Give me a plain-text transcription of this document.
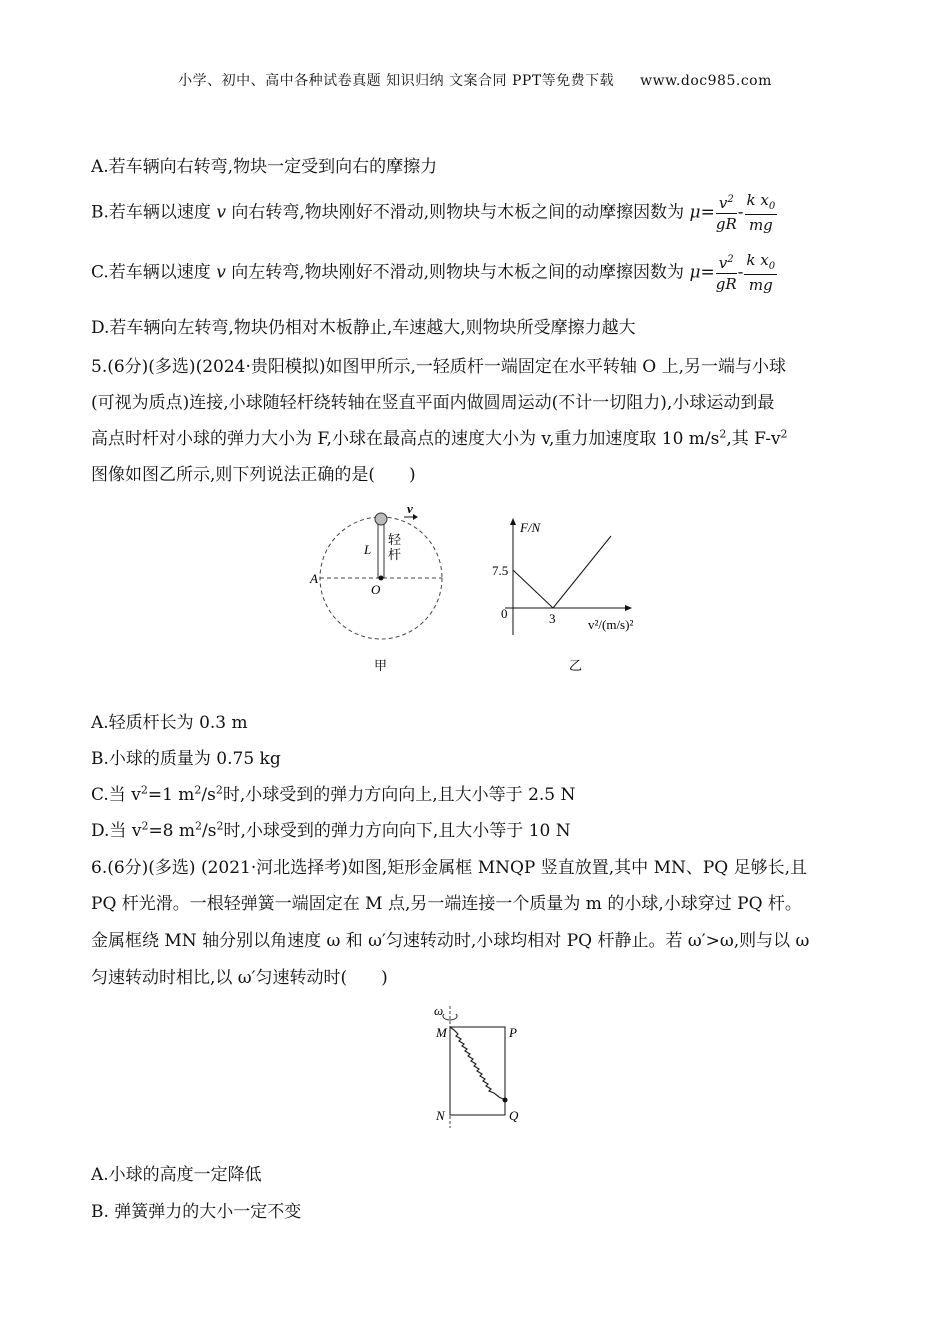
小学、初中、高中各种试卷真题 知识归纳 文案合同 PPT等免费下载 www.doc985.com
A.若车辆向右转弯,物块一定受到向右的摩擦力
B.若车辆以速度 v 向右转弯,物块刚好不滑动,则物块与木板之间的动摩擦因数为 $\mu= \frac{v^2}{gR} - \frac{k x_0}{mg}$
C.若车辆以速度 v 向左转弯,物块刚好不滑动,则物块与木板之间的动摩擦因数为 $\mu= \frac{v^2}{gR} - \frac{k x_0}{mg}$
D.若车辆向左转弯,物块仍相对木板静止,车速越大,则物块所受摩擦力越大
5.(6分)(多选)(2024·贵阳模拟)如图甲所示,一轻质杆一端固定在水平转轴 O 上,另一端与小球
(可视为质点)连接,小球随轻杆绕转轴在竖直平面内做圆周运动(不计一切阻力),小球运动到最
高点时杆对小球的弹力大小为 F,小球在最高点的速度大小为 v,重力加速度取 10 $m/s^2$,其 $F-v^2$
图像如图乙所示,则下列说法正确的是(　　)
v
L
轻
杆
A
O
甲
F/N
7.5
0	3	v²/(m/s)²
乙
A.轻质杆长为 0.3 m
B.小球的质量为 0.75 kg
C.当 $v^2=1$ $m^2/s^2$时,小球受到的弹力方向向上,且大小等于 2.5 N
D.当 $v^2=8$ $m^2/s^2$时,小球受到的弹力方向向下,且大小等于 10 N
6.(6分)(多选) (2021·河北选择考)如图,矩形金属框 MNQP 竖直放置,其中 MN、PQ 足够长,且
PQ 杆光滑。一根轻弹簧一端固定在 M 点,另一端连接一个质量为 m 的小球,小球穿过 PQ 杆。
金属框绕 MN 轴分别以角速度 ω 和 ω′匀速转动时,小球均相对 PQ 杆静止。若 ω′>ω,则与以 ω
匀速转动时相比,以 ω′匀速转动时(　　)
ω
M	P
N	Q
A.小球的高度一定降低
B. 弹簧弹力的大小一定不变
